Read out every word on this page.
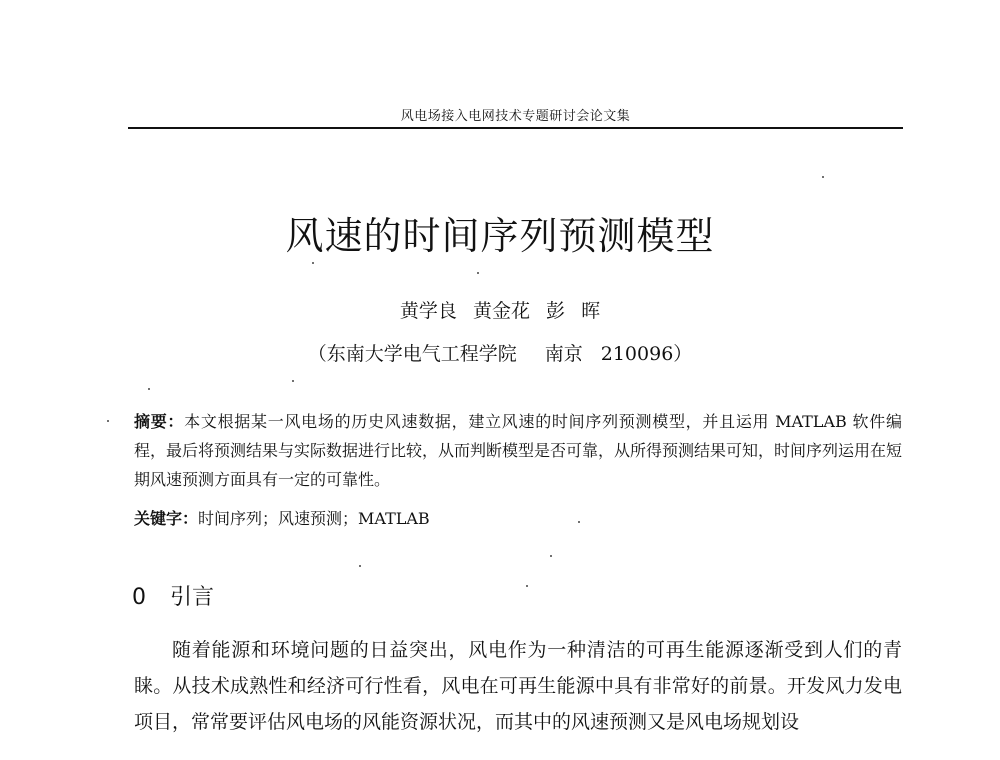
风电场接入电网技术专题研讨会论文集
风速的时间序列预测模型
黄学良 黄金花 彭 晖
（东南大学电气工程学院 南京 210096）
摘要：本文根据某一风电场的历史风速数据，建立风速的时间序列预测模型，并且运用 MATLAB 软件编程，最后将预测结果与实际数据进行比较，从而判断模型是否可靠，从所得预测结果可知，时间序列运用在短期风速预测方面具有一定的可靠性。
关键字：时间序列；风速预测；MATLAB
0 引言
随着能源和环境问题的日益突出，风电作为一种清洁的可再生能源逐渐受到人们的青睐。从技术成熟性和经济可行性看，风电在可再生能源中具有非常好的前景。开发风力发电项目，常常要评估风电场的风能资源状况，而其中的风速预测又是风电场规划设
